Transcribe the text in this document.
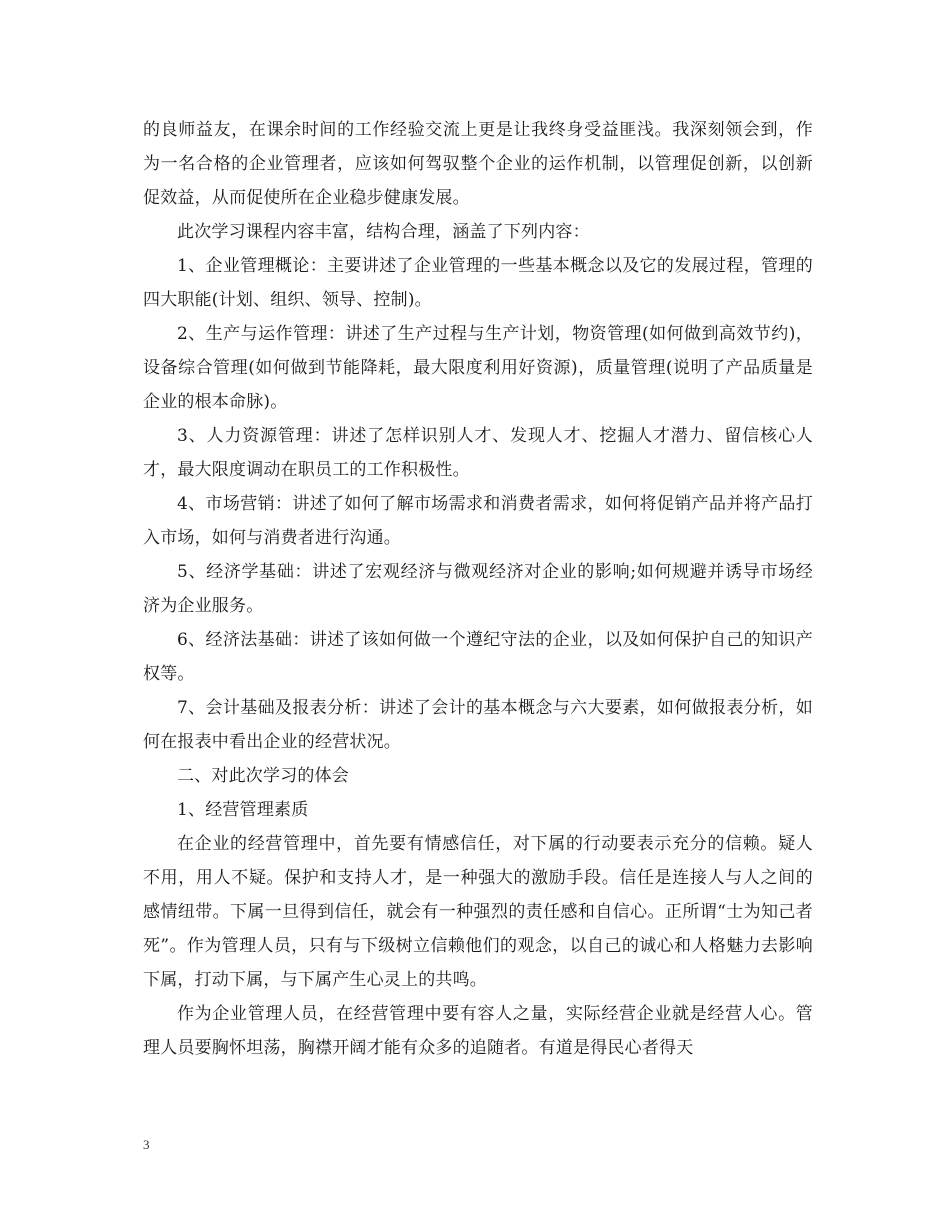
的良师益友，在课余时间的工作经验交流上更是让我终身受益匪浅。我深刻领会到，作为一名合格的企业管理者，应该如何驾驭整个企业的运作机制，以管理促创新，以创新促效益，从而促使所在企业稳步健康发展。

此次学习课程内容丰富，结构合理，涵盖了下列内容：

1、企业管理概论：主要讲述了企业管理的一些基本概念以及它的发展过程，管理的四大职能(计划、组织、领导、控制)。

2、生产与运作管理：讲述了生产过程与生产计划，物资管理(如何做到高效节约)，设备综合管理(如何做到节能降耗，最大限度利用好资源)，质量管理(说明了产品质量是企业的根本命脉)。

3、人力资源管理：讲述了怎样识别人才、发现人才、挖掘人才潜力、留信核心人才，最大限度调动在职员工的工作积极性。

4、市场营销：讲述了如何了解市场需求和消费者需求，如何将促销产品并将产品打入市场，如何与消费者进行沟通。

5、经济学基础：讲述了宏观经济与微观经济对企业的影响;如何规避并诱导市场经济为企业服务。

6、经济法基础：讲述了该如何做一个遵纪守法的企业，以及如何保护自己的知识产权等。

7、会计基础及报表分析：讲述了会计的基本概念与六大要素，如何做报表分析，如何在报表中看出企业的经营状况。

二、对此次学习的体会

1、经营管理素质

在企业的经营管理中，首先要有情感信任，对下属的行动要表示充分的信赖。疑人不用，用人不疑。保护和支持人才，是一种强大的激励手段。信任是连接人与人之间的感情纽带。下属一旦得到信任，就会有一种强烈的责任感和自信心。正所谓“士为知己者死”。作为管理人员，只有与下级树立信赖他们的观念，以自己的诚心和人格魅力去影响下属，打动下属，与下属产生心灵上的共鸣。

作为企业管理人员，在经营管理中要有容人之量，实际经营企业就是经营人心。管理人员要胸怀坦荡，胸襟开阔才能有众多的追随者。有道是得民心者得天

3
